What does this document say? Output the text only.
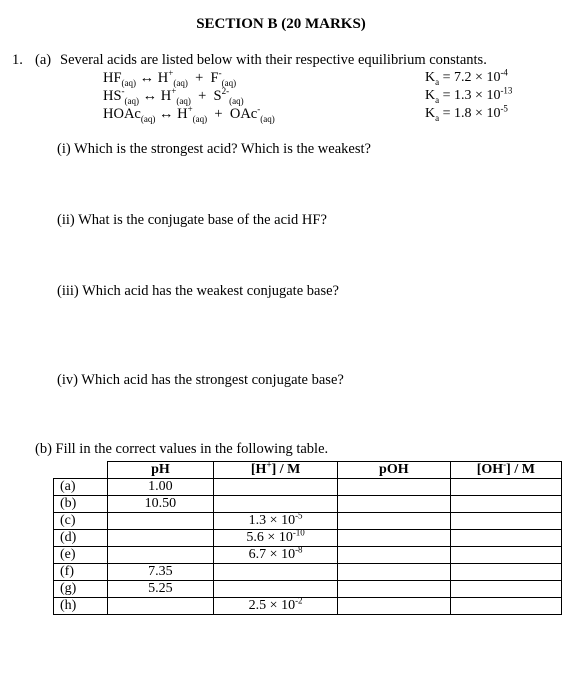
SECTION B (20 MARKS)
1. (a) Several acids are listed below with their respective equilibrium constants.
$HF_{(aq)}$ ↔ $H^+_{(aq)} + F^-_{(aq)}$	$K_a = 7.2 \times 10^{-4}$
$HS^-_{(aq)}$ ↔ $H^+_{(aq)} + S^{2-}_{(aq)}$	$K_a = 1.3 \times 10^{-13}$
HOAc$_{(aq)}$ ↔ $H^+_{(aq)} + OAc^-_{(aq)}$	$K_a = 1.8 \times 10^{-5}$
(i) Which is the strongest acid? Which is the weakest?
(ii) What is the conjugate base of the acid HF?
(iii) Which acid has the weakest conjugate base?
(iv) Which acid has the strongest conjugate base?
(b) Fill in the correct values in the following table.
	pH	[H+] / M	pOH	[OH-] / M
(a)	1.00			
(b)	10.50			
(c)		$1.3 \times 10^{-5}$		
(d)		$5.6 \times 10^{-10}$		
(e)		$6.7 \times 10^{-8}$		
(f)	7.35			
(g)	5.25			
(h)		$2.5 \times 10^{-2}$		
